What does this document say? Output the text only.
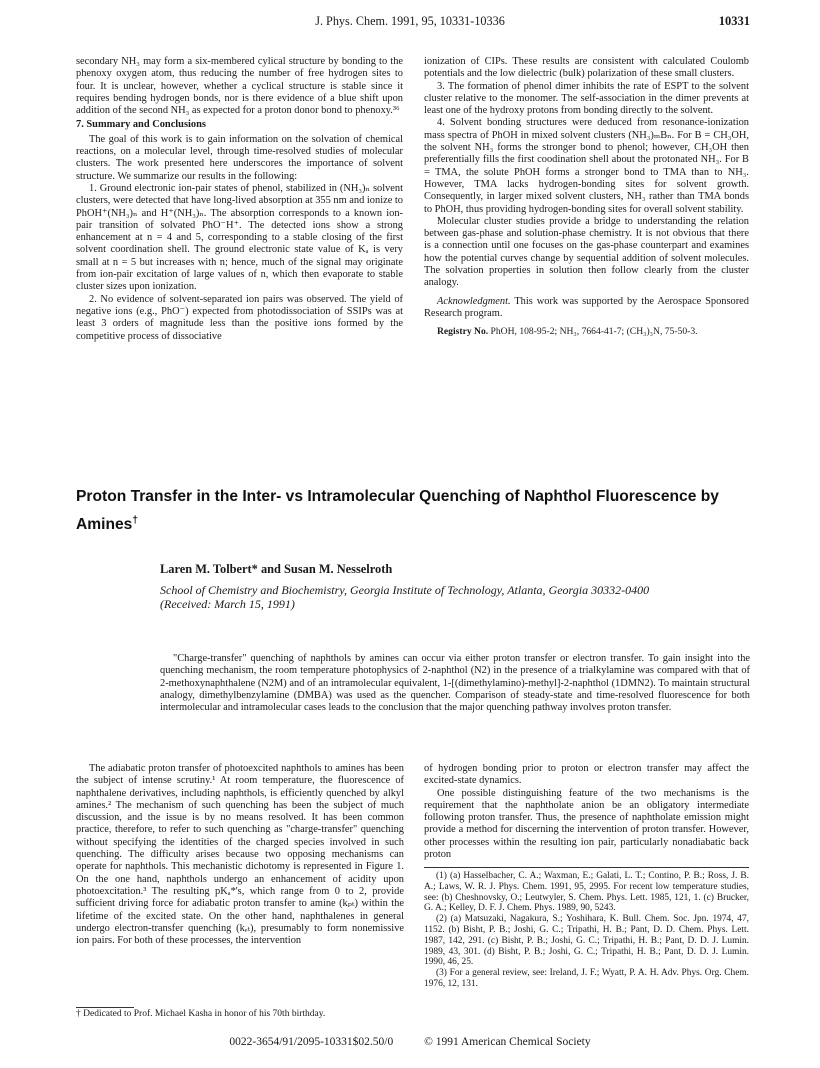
J. Phys. Chem. 1991, 95, 10331-10336	10331

secondary NH₃ may form a six-membered cylical structure by bonding to the phenoxy oxygen atom, thus reducing the number of free hydrogen sites to four. It is unclear, however, whether a cyclical structure is stable since it requires bending hydrogen bonds, nor is there evidence of a blue shift upon addition of the second NH₃ as expected for a proton donor bond to phenoxy.³⁶

7. Summary and Conclusions

The goal of this work is to gain information on the solvation of chemical reactions, on a molecular level, through time-resolved studies of molecular clusters. The work presented here underscores the importance of solvent structure. We summarize our results in the following:

1. Ground electronic ion-pair states of phenol, stabilized in (NH₃)ₙ solvent clusters, were detected that have long-lived absorption at 355 nm and ionize to PhOH⁺(NH₃)ₙ and H⁺(NH₃)ₙ. The absorption corresponds to a known ion-pair transition of solvated PhO⁻H⁺. The detected ions show a strong enhancement at n = 4 and 5, corresponding to a stable closing of the first solvent coordination shell. The ground electronic state value of Kₐ is very small at n = 5 but increases with n; hence, much of the signal may originate from ion-pair excitation of large values of n, which then evaporate to stable cluster sizes upon ionization.

2. No evidence of solvent-separated ion pairs was observed. The yield of negative ions (e.g., PhO⁻) expected from photodissociation of SSIPs was at least 3 orders of magnitude less than the positive ions formed by the competitive process of dissociative

ionization of CIPs. These results are consistent with calculated Coulomb potentials and the low dielectric (bulk) polarization of these small clusters.

3. The formation of phenol dimer inhibits the rate of ESPT to the solvent cluster relative to the monomer. The self-association in the dimer prevents at least one of the hydroxy protons from bonding directly to the solvent.

4. Solvent bonding structures were deduced from resonance-ionization mass spectra of PhOH in mixed solvent clusters (NH₃)ₘBₙ. For B = CH₃OH, the solvent NH₃ forms the stronger bond to phenol; however, CH₃OH then preferentially fills the first coodination shell about the protonated NH₃. For B = TMA, the solute PhOH forms a stronger bond to TMA than to NH₃. However, TMA lacks hydrogen-bonding sites for solvent growth. Consequently, in larger mixed solvent clusters, NH₃ rather than TMA bonds to PhOH, thus providing hydrogen-bonding sites for overall solvent stability.

Molecular cluster studies provide a bridge to understanding the relation between gas-phase and solution-phase chemistry. It is not obvious that there is a connection until one focuses on the gas-phase counterpart and examines how the potential curves change by sequential addition of solvent molecules. The solvation properties in solution then follow clearly from the cluster analogy.

Acknowledgment. This work was supported by the Aerospace Sponsored Research program.

Registry No. PhOH, 108-95-2; NH₃, 7664-41-7; (CH₃)₃N, 75-50-3.

Proton Transfer in the Inter- vs Intramolecular Quenching of Naphthol Fluorescence by Amines†
Laren M. Tolbert* and Susan M. Nesselroth
School of Chemistry and Biochemistry, Georgia Institute of Technology, Atlanta, Georgia 30332-0400
(Received: March 15, 1991)
"Charge-transfer" quenching of naphthols by amines can occur via either proton transfer or electron transfer. To gain insight into the quenching mechanism, the room temperature photophysics of 2-naphthol (N2) in the presence of a trialkylamine was compared with that of 2-methoxynaphthalene (N2M) and of an intramolecular equivalent, 1-[(dimethylamino)-methyl]-2-naphthol (1DMN2). To maintain structural analogy, dimethylbenzylamine (DMBA) was used as the quencher. Comparison of steady-state and time-resolved fluorescence for both intermolecular and intramolecular cases leads to the conclusion that the major quenching pathway involves proton transfer.

The adiabatic proton transfer of photoexcited naphthols to amines has been the subject of intense scrutiny.¹ At room temperature, the fluorescence of naphthalene derivatives, including naphthols, is efficiently quenched by alkyl amines.² The mechanism of such quenching has been the subject of much discussion, and the issue is by no means resolved. It has been common practice, therefore, to refer to such quenching as "charge-transfer" quenching without specifying the identities of the charged species involved in such quenching. The difficulty arises because two opposing mechanisms can operate for naphthols. This mechanistic dichotomy is represented in Figure 1. On the one hand, naphthols undergo an enhancement of acidity upon photoexcitation.³ The resulting pKₐ*'s, which range from 0 to 2, provide sufficient driving force for adiabatic proton transfer to amine (kₚₜ) within the lifetime of the excited state. On the other hand, naphthalenes in general undergo electron-transfer quenching (kₑₜ), presumably to form nonemissive ion pairs. For both of these processes, the intervention

† Dedicated to Prof. Michael Kasha in honor of his 70th birthday.

of hydrogen bonding prior to proton or electron transfer may affect the excited-state dynamics.

One possible distinguishing feature of the two mechanisms is the requirement that the naphtholate anion be an obligatory intermediate following proton transfer. Thus, the presence of naphtholate emission might provide a method for discerning the intervention of proton transfer. However, other processes within the resulting ion pair, particularly nonadiabatic back proton

(1) (a) Hasselbacher, C. A.; Waxman, E.; Galati, L. T.; Contino, P. B.; Ross, J. B. A.; Laws, W. R. J. Phys. Chem. 1991, 95, 2995. For recent low temperature studies, see: (b) Cheshnovsky, O.; Leutwyler, S. Chem. Phys. Lett. 1985, 121, 1. (c) Brucker, G. A.; Kelley, D. F. J. Chem. Phys. 1989, 90, 5243.

(2) (a) Matsuzaki, Nagakura, S.; Yoshihara, K. Bull. Chem. Soc. Jpn. 1974, 47, 1152. (b) Bisht, P. B.; Joshi, G. C.; Tripathi, H. B.; Pant, D. D. Chem. Phys. Lett. 1987, 142, 291. (c) Bisht, P. B.; Joshi, G. C.; Tripathi, H. B.; Pant, D. D. J. Lumin. 1989, 43, 301. (d) Bisht, P. B.; Joshi, G. C.; Tripathi, H. B.; Pant, D. D. J. Lumin. 1990, 46, 25.

(3) For a general review, see: Ireland, J. F.; Wyatt, P. A. H. Adv. Phys. Org. Chem. 1976, 12, 131.

0022-3654/91/2095-10331$02.50/0	© 1991 American Chemical Society
